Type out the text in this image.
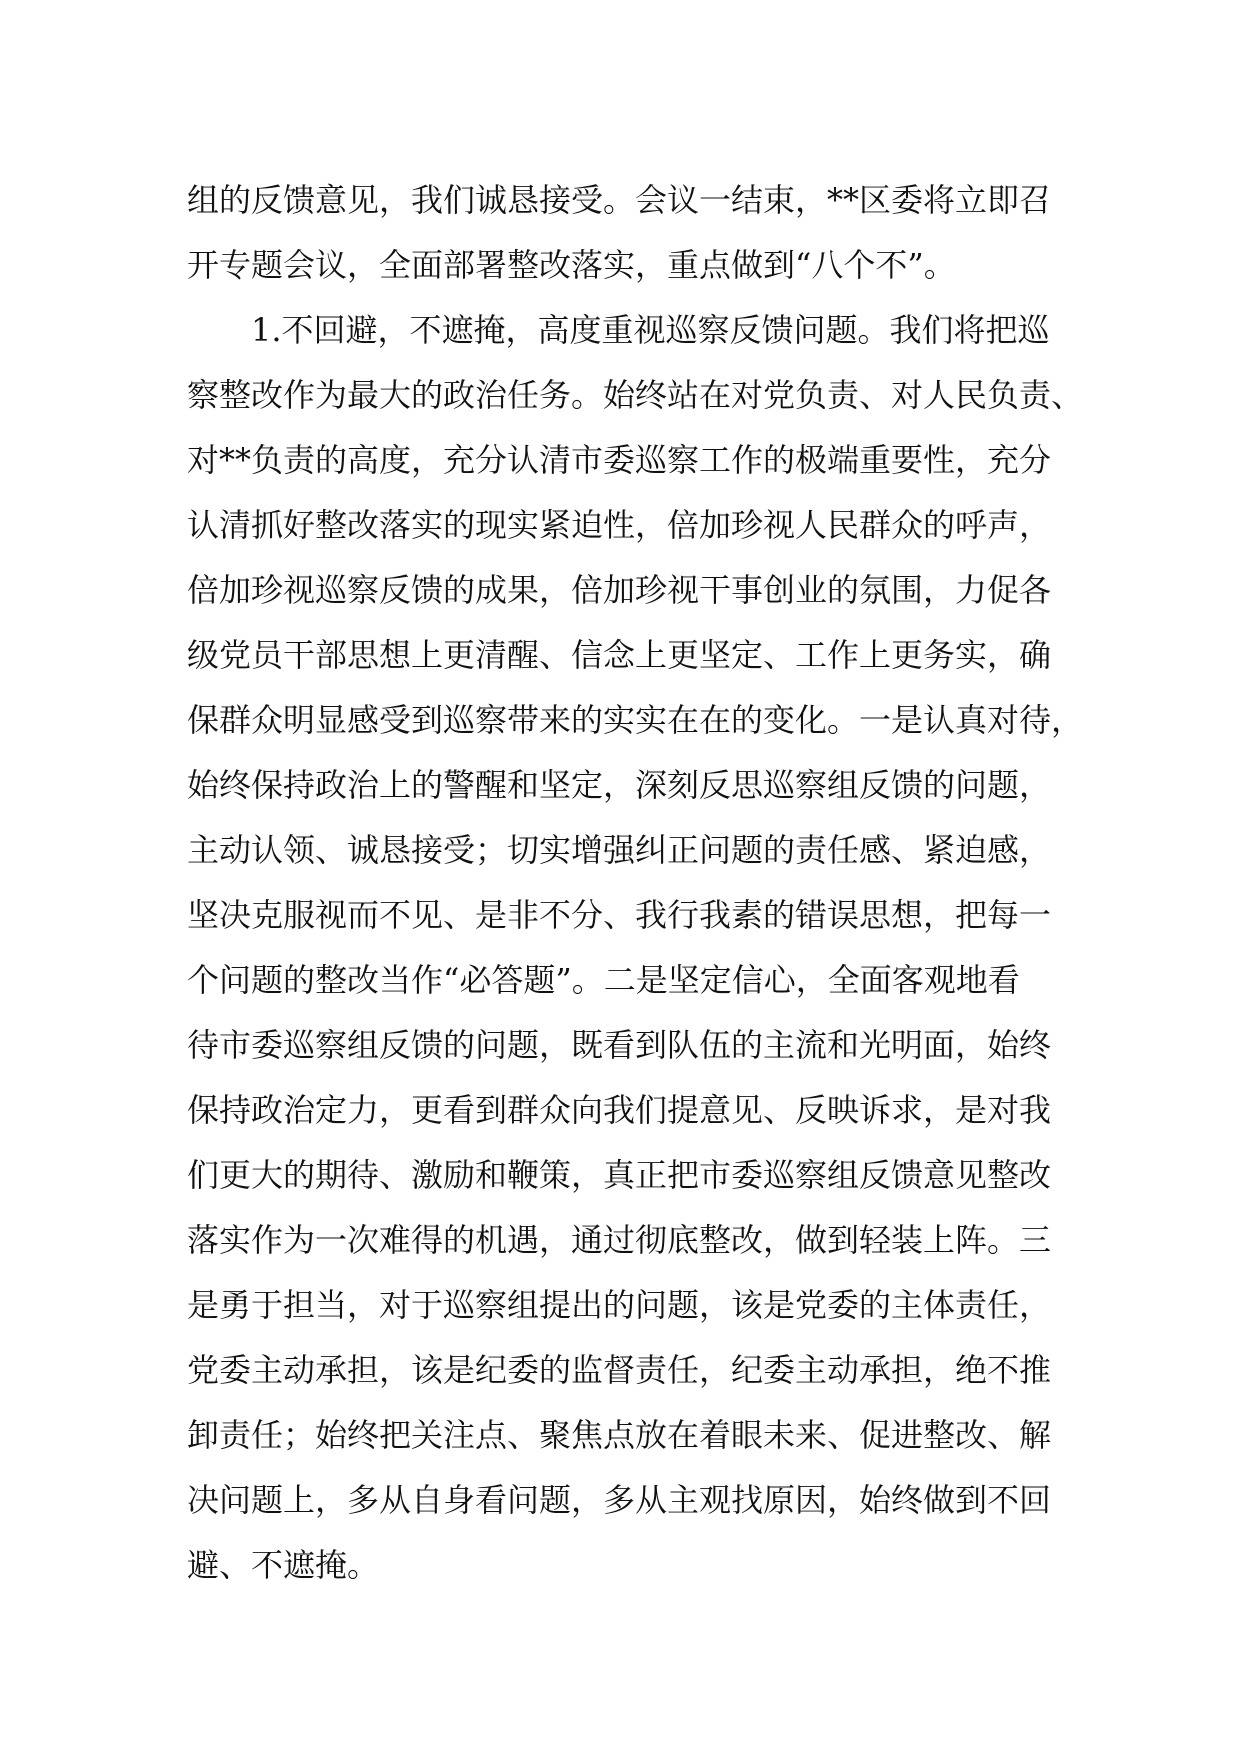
组的反馈意见，我们诚恳接受。会议一结束，**区委将立即召
开专题会议，全面部署整改落实，重点做到“八个不”。
1.不回避，不遮掩，高度重视巡察反馈问题。我们将把巡
察整改作为最大的政治任务。始终站在对党负责、对人民负责、
对**负责的高度，充分认清市委巡察工作的极端重要性，充分
认清抓好整改落实的现实紧迫性，倍加珍视人民群众的呼声，
倍加珍视巡察反馈的成果，倍加珍视干事创业的氛围，力促各
级党员干部思想上更清醒、信念上更坚定、工作上更务实，确
保群众明显感受到巡察带来的实实在在的变化。一是认真对待，
始终保持政治上的警醒和坚定，深刻反思巡察组反馈的问题，
主动认领、诚恳接受；切实增强纠正问题的责任感、紧迫感，
坚决克服视而不见、是非不分、我行我素的错误思想，把每一
个问题的整改当作“必答题”。二是坚定信心，全面客观地看
待市委巡察组反馈的问题，既看到队伍的主流和光明面，始终
保持政治定力，更看到群众向我们提意见、反映诉求，是对我
们更大的期待、激励和鞭策，真正把市委巡察组反馈意见整改
落实作为一次难得的机遇，通过彻底整改，做到轻装上阵。三
是勇于担当，对于巡察组提出的问题，该是党委的主体责任，
党委主动承担，该是纪委的监督责任，纪委主动承担，绝不推
卸责任；始终把关注点、聚焦点放在着眼未来、促进整改、解
决问题上，多从自身看问题，多从主观找原因，始终做到不回
避、不遮掩。
